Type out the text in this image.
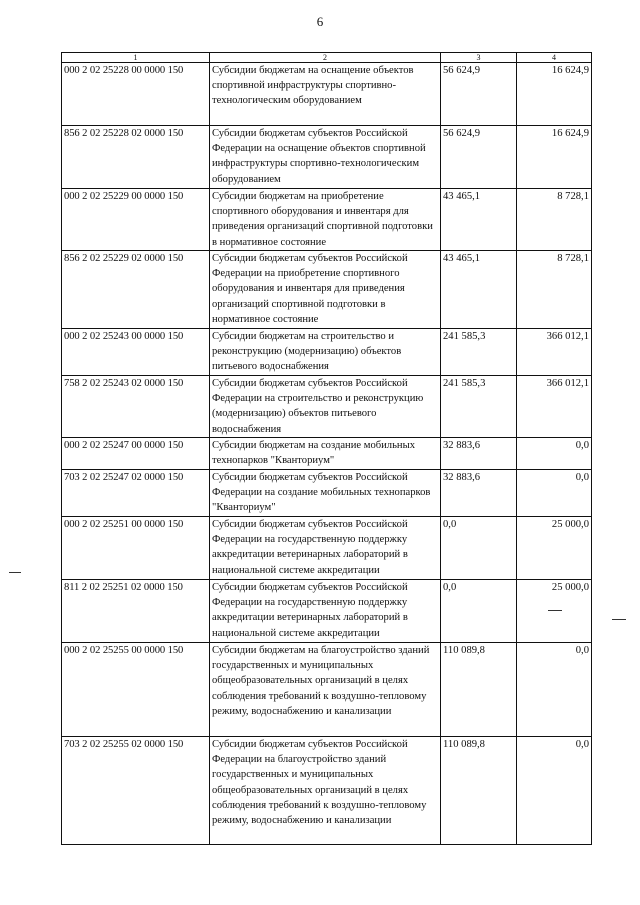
6
1	2	3	4
000 2 02 25228 00 0000 150	Субсидии бюджетам на оснащение объектов спортивной инфраструктуры спортивно-технологическим оборудованием	56 624,9	16 624,9
856 2 02 25228 02 0000 150	Субсидии бюджетам субъектов Российской Федерации на оснащение объектов спортивной инфраструктуры спортивно-технологическим оборудованием	56 624,9	16 624,9
000 2 02 25229 00 0000 150	Субсидии бюджетам на приобретение спортивного оборудования и инвентаря для приведения организаций спортивной подготовки в нормативное состояние	43 465,1	8 728,1
856 2 02 25229 02 0000 150	Субсидии бюджетам субъектов Российской Федерации на приобретение спортивного оборудования и инвентаря для приведения организаций спортивной подготовки в нормативное состояние	43 465,1	8 728,1
000 2 02 25243 00 0000 150	Субсидии бюджетам на строительство и реконструкцию (модернизацию) объектов питьевого водоснабжения	241 585,3	366 012,1
758 2 02 25243 02 0000 150	Субсидии бюджетам субъектов Российской Федерации на строительство и реконструкцию (модернизацию) объектов питьевого водоснабжения	241 585,3	366 012,1
000 2 02 25247 00 0000 150	Субсидии бюджетам на создание мобильных технопарков "Кванториум"	32 883,6	0,0
703 2 02 25247 02 0000 150	Субсидии бюджетам субъектов Российской Федерации на создание мобильных технопарков "Кванториум"	32 883,6	0,0
000 2 02 25251 00 0000 150	Субсидии бюджетам субъектов Российской Федерации на государственную поддержку аккредитации ветеринарных лабораторий в национальной системе аккредитации	0,0	25 000,0
811 2 02 25251 02 0000 150	Субсидии бюджетам субъектов Российской Федерации на государственную поддержку аккредитации ветеринарных лабораторий в национальной системе аккредитации	0,0	25 000,0
000 2 02 25255 00 0000 150	Субсидии бюджетам на благоустройство зданий государственных и муниципальных общеобразовательных организаций в целях соблюдения требований к воздушно-тепловому режиму, водоснабжению и канализации	110 089,8	0,0
703 2 02 25255 02 0000 150	Субсидии бюджетам субъектов Российской Федерации на благоустройство зданий государственных и муниципальных общеобразовательных организаций в целях соблюдения требований к воздушно-тепловому режиму, водоснабжению и канализации	110 089,8	0,0
